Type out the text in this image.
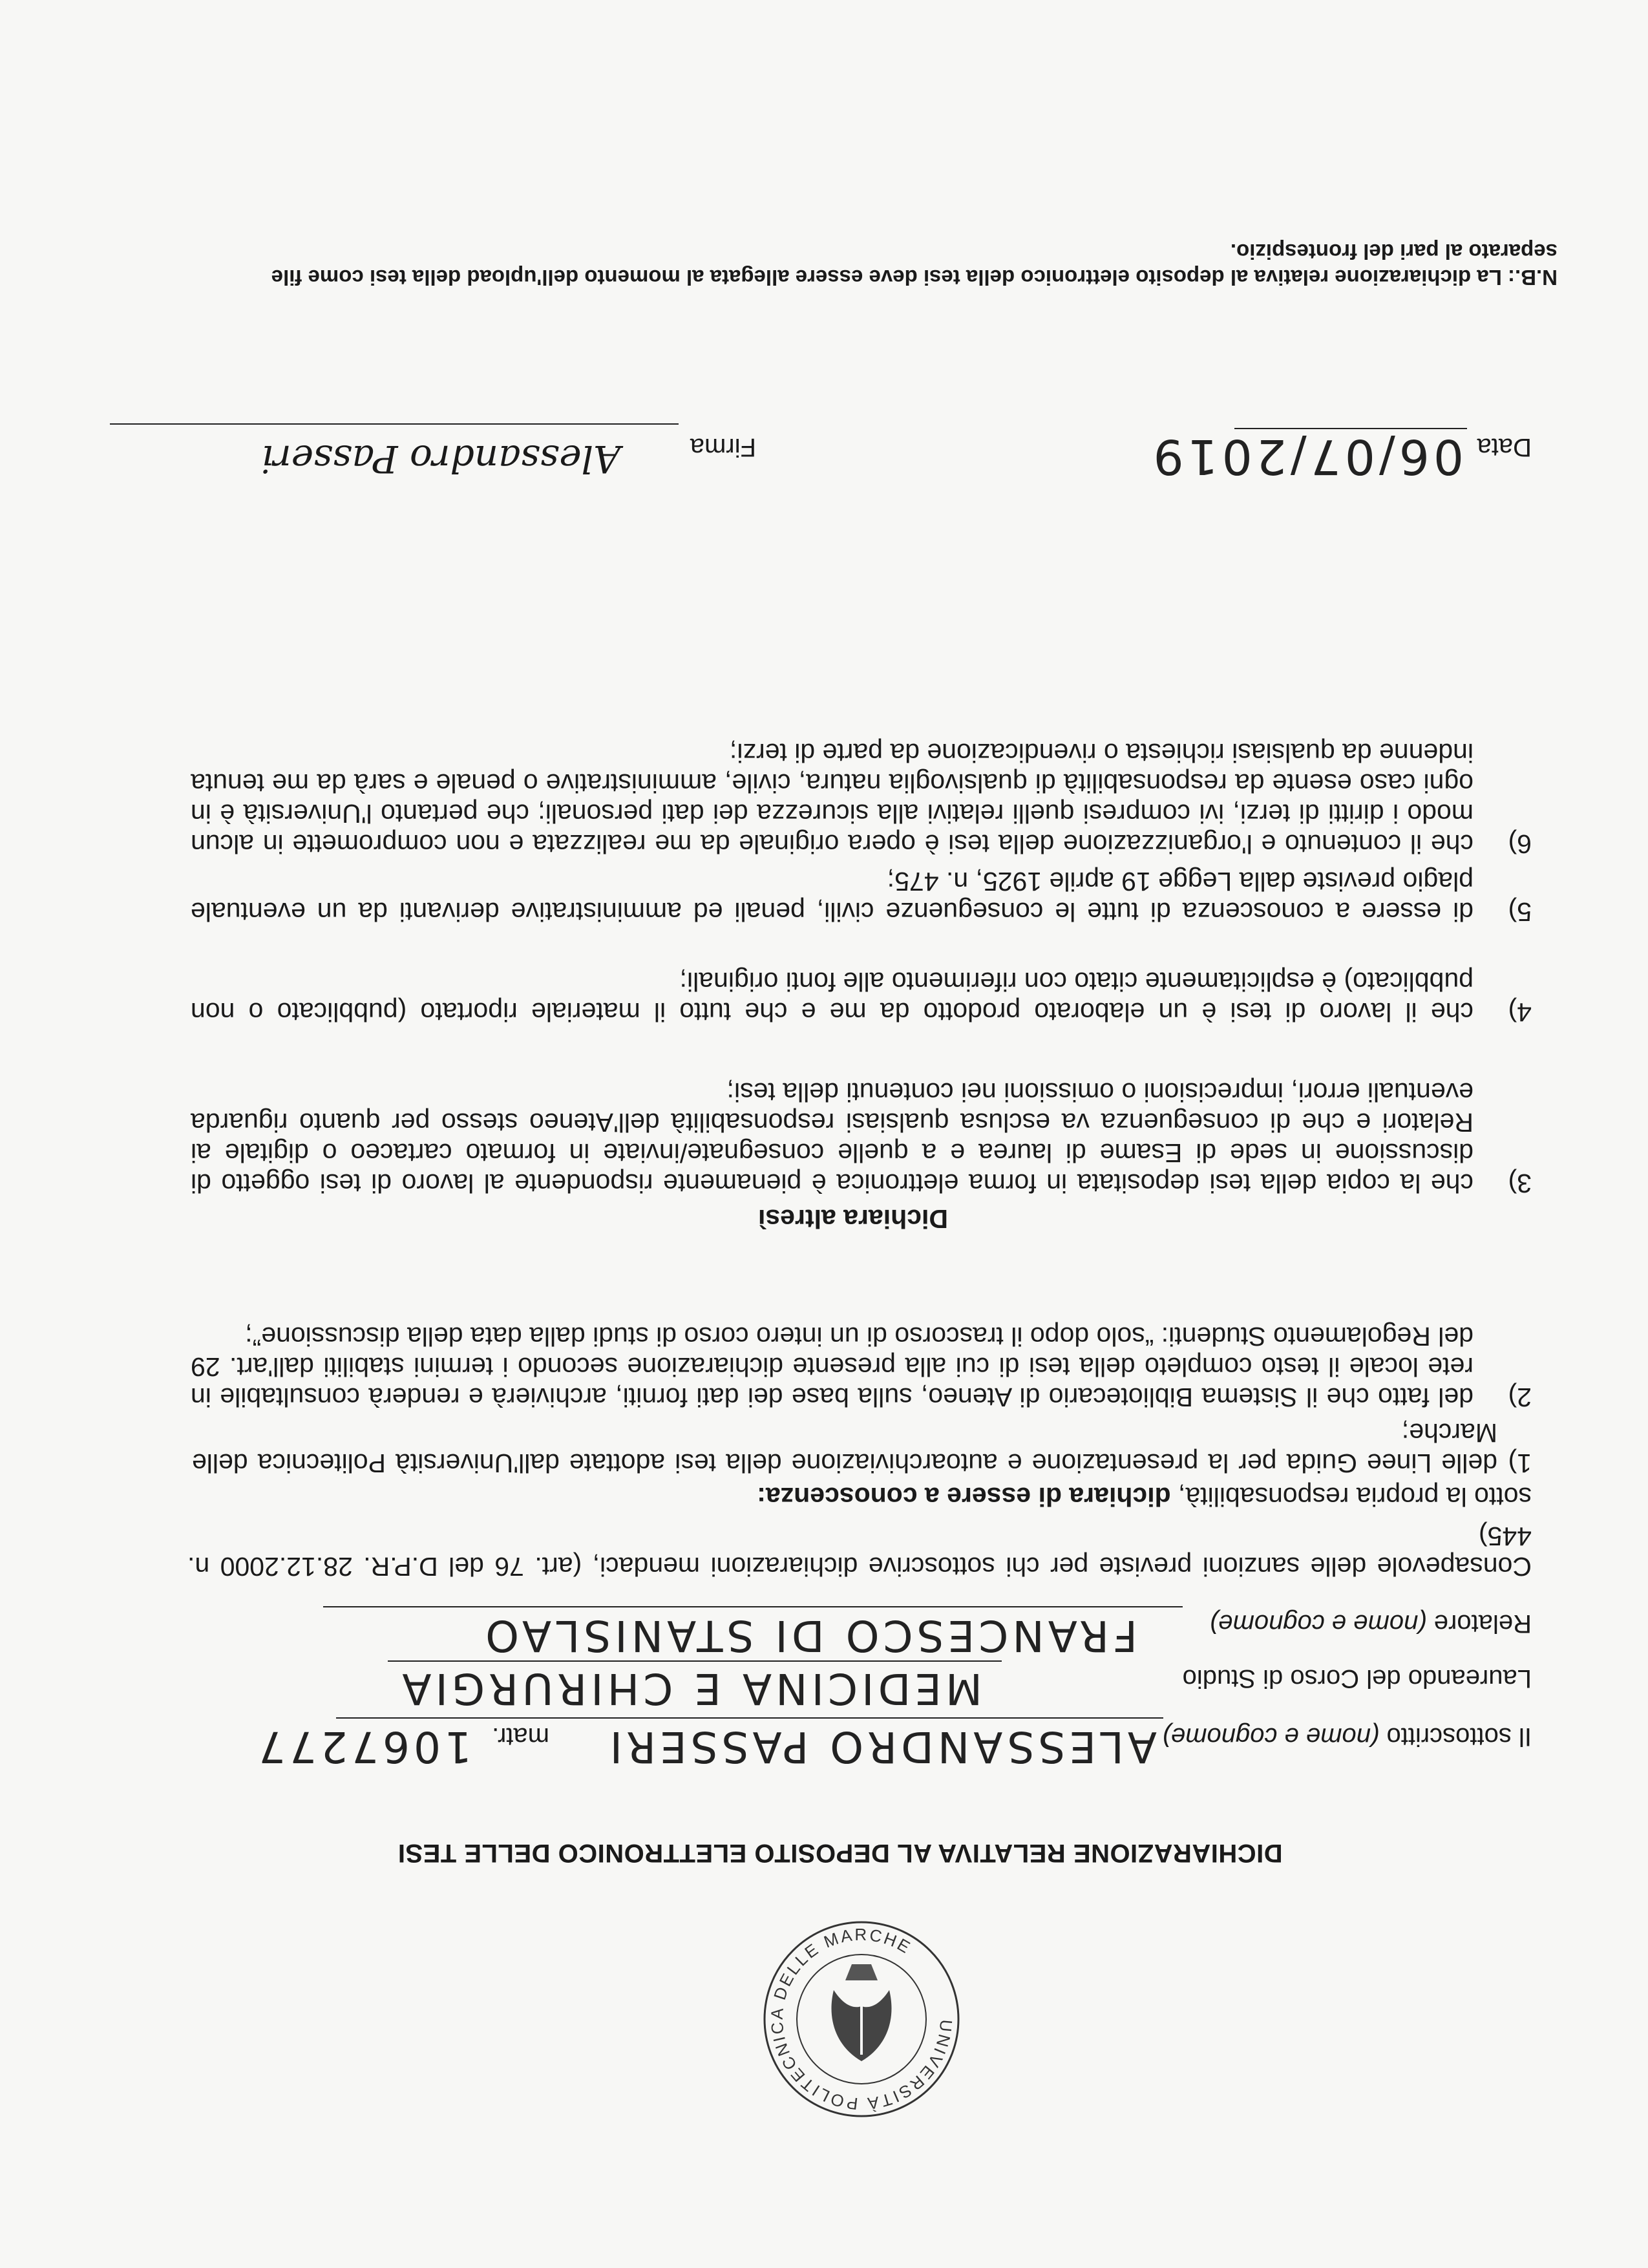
UNIVERSITÀ POLITECNICA DELLE MARCHE
DICHIARAZIONE RELATIVA AL DEPOSITO ELETTRONICO DELLE TESI
Il sottoscritto (nome e cognome)
ALESSANDRO PASSERI
matr.
1067277
Laureando del Corso di Studio
MEDICINA E CHIRURGIA
Relatore (nome e cognome)
FRANCESCO DI STANISLAO
Consapevole delle sanzioni previste per chi sottoscrive dichiarazioni mendaci, (art. 76 del D.P.R. 28.12.2000 n. 445)
sotto la propria responsabilità, dichiara di essere a conoscenza:
1)
delle Linee Guida per la presentazione e autoarchiviazione della tesi adottate dall'Università Politecnica delle Marche;
2)
del fatto che il Sistema Bibliotecario di Ateneo, sulla base dei dati forniti, archivierà e renderà consultabile in rete locale il testo completo della tesi di cui alla presente dichiarazione secondo i termini stabiliti dall'art. 29 del Regolamento Studenti: “solo dopo il trascorso di un intero corso di studi dalla data della discussione”;
Dichiara altresì
3)
che la copia della tesi depositata in forma elettronica è pienamente rispondente al lavoro di tesi oggetto di discussione in sede di Esame di laurea e a quelle consegnate/inviate in formato cartaceo o digitale ai Relatori e che di conseguenza va esclusa qualsiasi responsabilità dell'Ateneo stesso per quanto riguarda eventuali errori, imprecisioni o omissioni nei contenuti della tesi;
4)
che il lavoro di tesi è un elaborato prodotto da me e che tutto il materiale riportato (pubblicato o non pubblicato) è esplicitamente citato con riferimento alle fonti originali;
5)
di essere a conoscenza di tutte le conseguenze civili, penali ed amministrative derivanti da un eventuale plagio previste dalla Legge 19 aprile 1925, n. 475;
6)
che il contenuto e l'organizzazione della tesi è opera originale da me realizzata e non compromette in alcun modo i diritti di terzi, ivi compresi quelli relativi alla sicurezza dei dati personali; che pertanto l'Università è in ogni caso esente da responsabilità di qualsivoglia natura, civile, amministrative o penale e sarà da me tenuta indenne da qualsiasi richiesta o rivendicazione da parte di terzi;
Data
06/07/2019
Firma
Alessandro Passeri
N.B.: La dichiarazione relativa al deposito elettronico della tesi deve essere allegata al momento dell'upload della tesi come file separato al pari del frontespizio.
